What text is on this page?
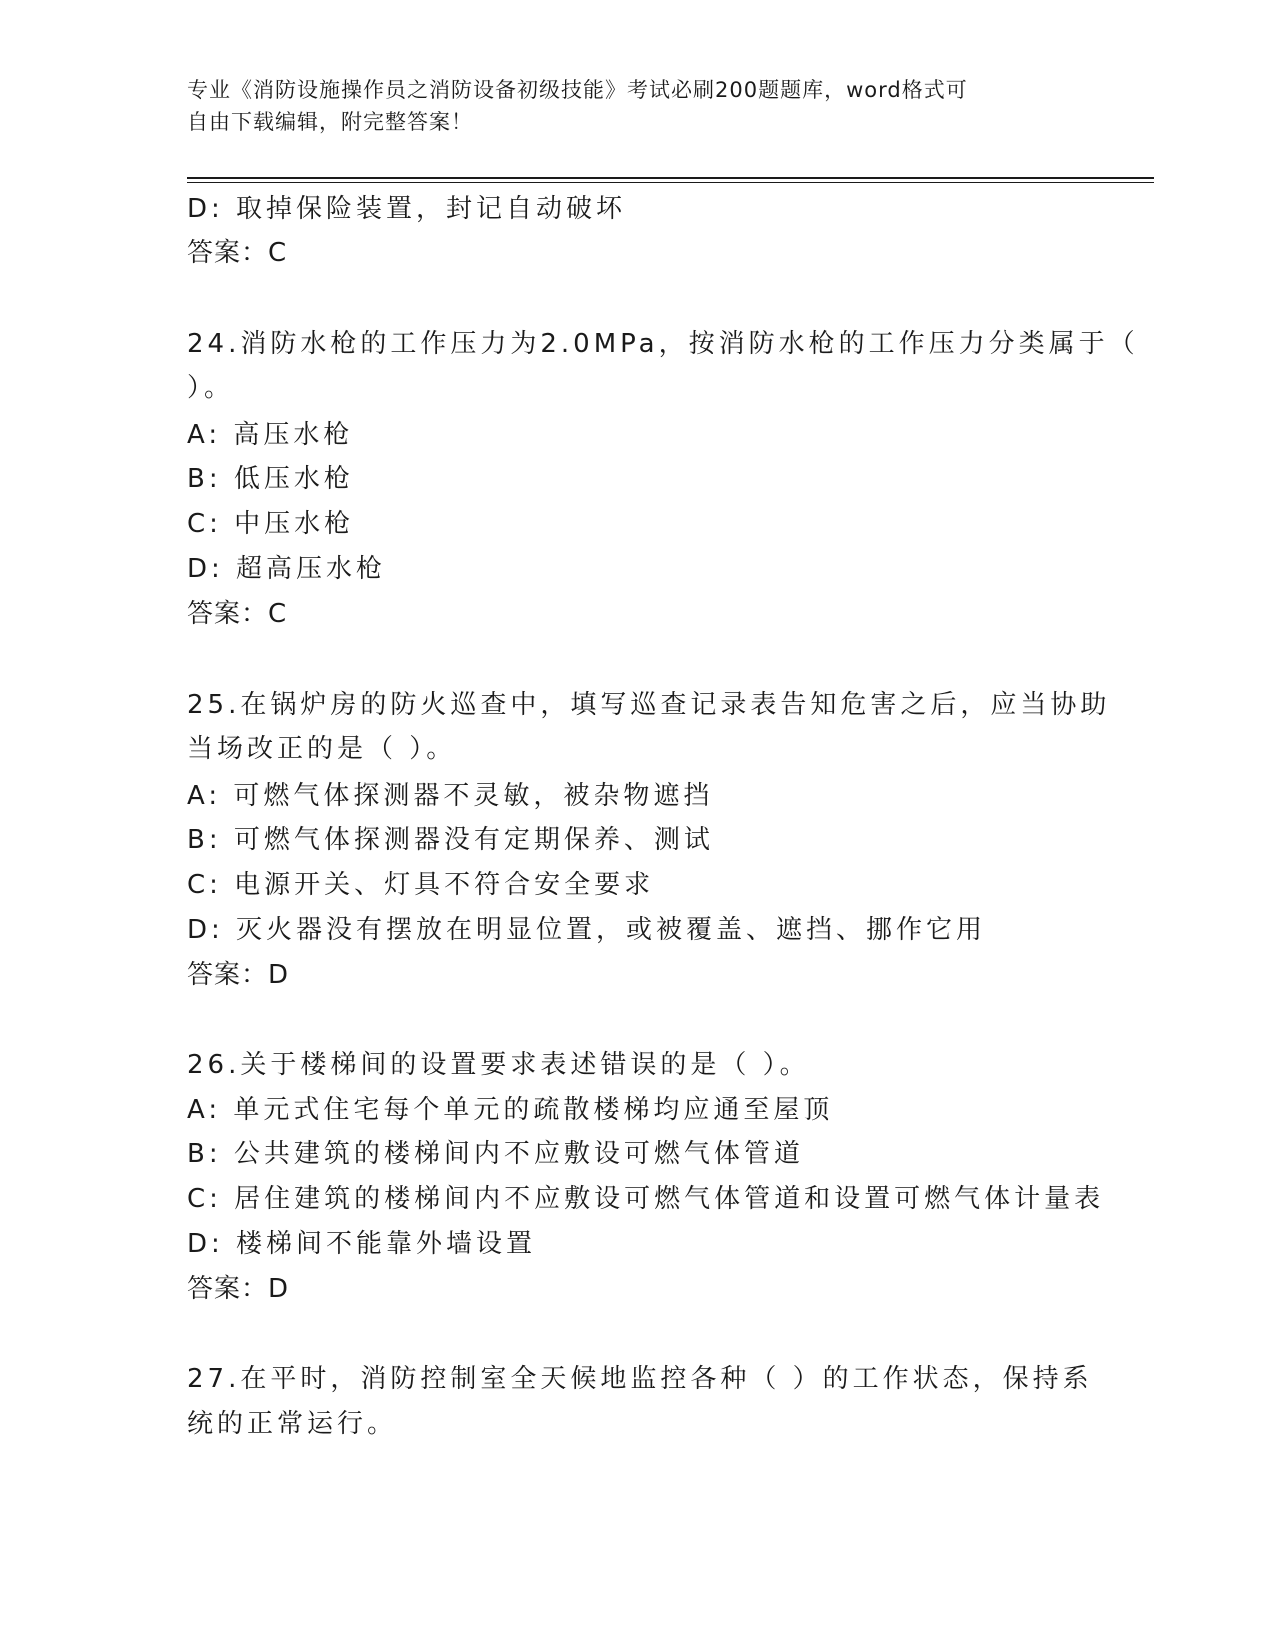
专业《消防设施操作员之消防设备初级技能》考试必刷200题题库，word格式可
自由下载编辑，附完整答案！
D: 取掉保险装置，封记自动破坏
答案：C
24.消防水枪的工作压力为2.0MPa，按消防水枪的工作压力分类属于（
）。
A: 高压水枪
B: 低压水枪
C: 中压水枪
D: 超高压水枪
答案：C
25.在锅炉房的防火巡查中，填写巡查记录表告知危害之后，应当协助
当场改正的是（ ）。
A: 可燃气体探测器不灵敏，被杂物遮挡
B: 可燃气体探测器没有定期保养、测试
C: 电源开关、灯具不符合安全要求
D: 灭火器没有摆放在明显位置，或被覆盖、遮挡、挪作它用
答案：D
26.关于楼梯间的设置要求表述错误的是（ ）。
A: 单元式住宅每个单元的疏散楼梯均应通至屋顶
B: 公共建筑的楼梯间内不应敷设可燃气体管道
C: 居住建筑的楼梯间内不应敷设可燃气体管道和设置可燃气体计量表
D: 楼梯间不能靠外墙设置
答案：D
27.在平时，消防控制室全天候地监控各种（ ）的工作状态，保持系
统的正常运行。
